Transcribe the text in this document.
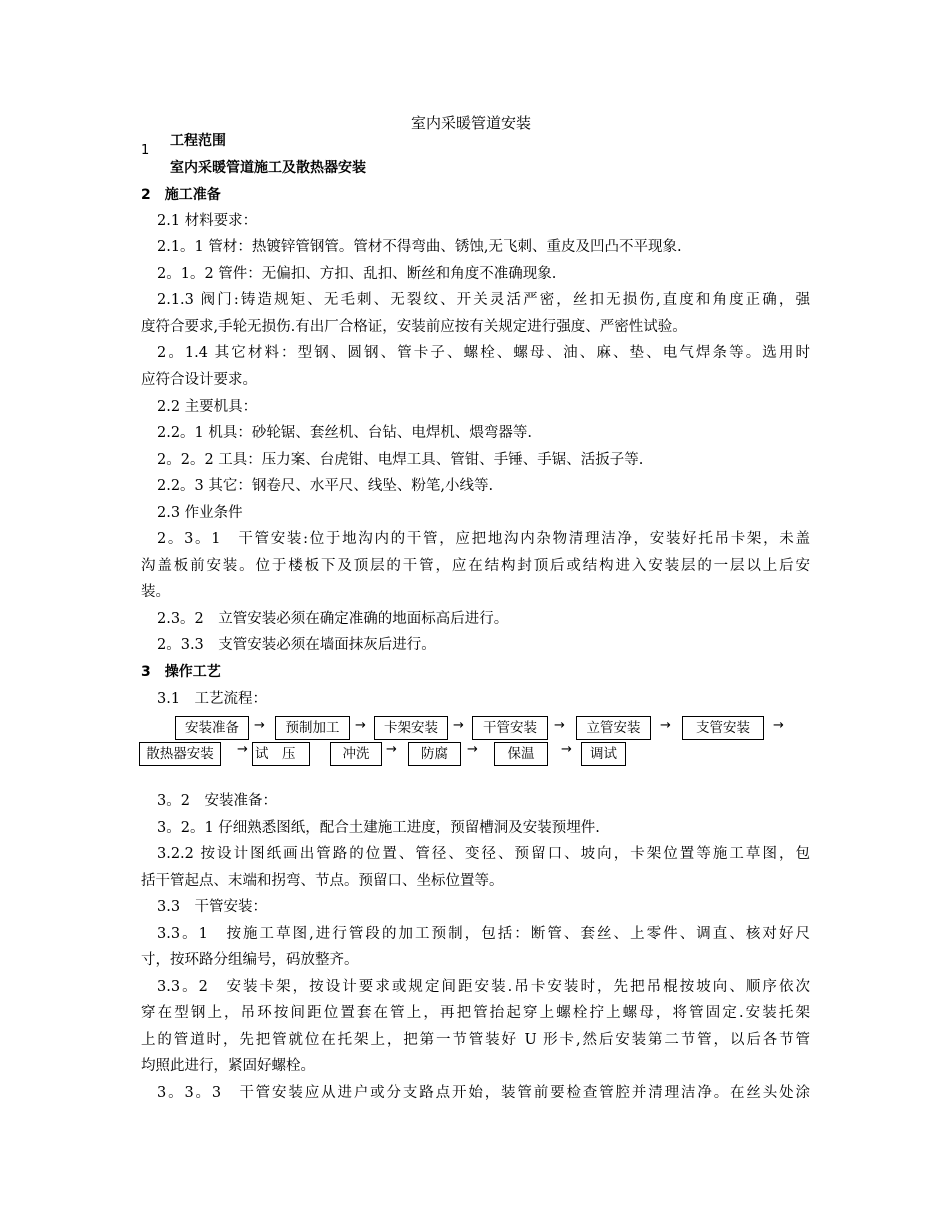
室内采暖管道安装
1
工程范围
室内采暖管道施工及散热器安装
2　施工准备
2.1 材料要求：
2.1。1 管材：热镀锌管钢管。管材不得弯曲、锈蚀,无飞刺、重皮及凹凸不平现象.
2。1。2 管件：无偏扣、方扣、乱扣、断丝和角度不准确现象.
2.1.3 阀门:铸造规矩、无毛刺、无裂纹、开关灵活严密，丝扣无损伤,直度和角度正确，强
度符合要求,手轮无损伤.有出厂合格证，安装前应按有关规定进行强度、严密性试验。
2。1.4 其它材料：型钢、圆钢、管卡子、螺栓、螺母、油、麻、垫、电气焊条等。选用时
应符合设计要求。
2.2 主要机具：
2.2。1 机具：砂轮锯、套丝机、台钻、电焊机、煨弯器等.
2。2。2 工具：压力案、台虎钳、电焊工具、管钳、手锤、手锯、活扳子等.
2.2。3 其它：钢卷尺、水平尺、线坠、粉笔,小线等.
2.3 作业条件
2。3。1　干管安装:位于地沟内的干管，应把地沟内杂物清理洁净，安装好托吊卡架，未盖
沟盖板前安装。位于楼板下及顶层的干管，应在结构封顶后或结构进入安装层的一层以上后安
装。
2.3。2　立管安装必须在确定准确的地面标高后进行。
2。3.3　支管安装必须在墙面抹灰后进行。
3　操作工艺
3.1　工艺流程：
安装准备	→	预制加工	→	卡架安装	→	干管安装	→	立管安装	→	支管安装	→
散热器安装	→ 试　压	冲洗	→	防腐	→	保温	→	调试
3。2　安装准备：
3。2。1 仔细熟悉图纸，配合土建施工进度，预留槽洞及安装预埋件.
3.2.2 按设计图纸画出管路的位置、管径、变径、预留口、坡向，卡架位置等施工草图，包
括干管起点、末端和拐弯、节点。预留口、坐标位置等。
3.3　干管安装：
3.3。1　按施工草图,进行管段的加工预制，包括：断管、套丝、上零件、调直、核对好尺
寸，按环路分组编号，码放整齐。
3.3。2　安装卡架，按设计要求或规定间距安装.吊卡安装时，先把吊棍按坡向、顺序依次
穿在型钢上，吊环按间距位置套在管上，再把管抬起穿上螺栓拧上螺母，将管固定.安装托架
上的管道时，先把管就位在托架上，把第一节管装好 U 形卡,然后安装第二节管，以后各节管
均照此进行，紧固好螺栓。
3。3。3　干管安装应从进户或分支路点开始，装管前要检查管腔并清理洁净。在丝头处涂
